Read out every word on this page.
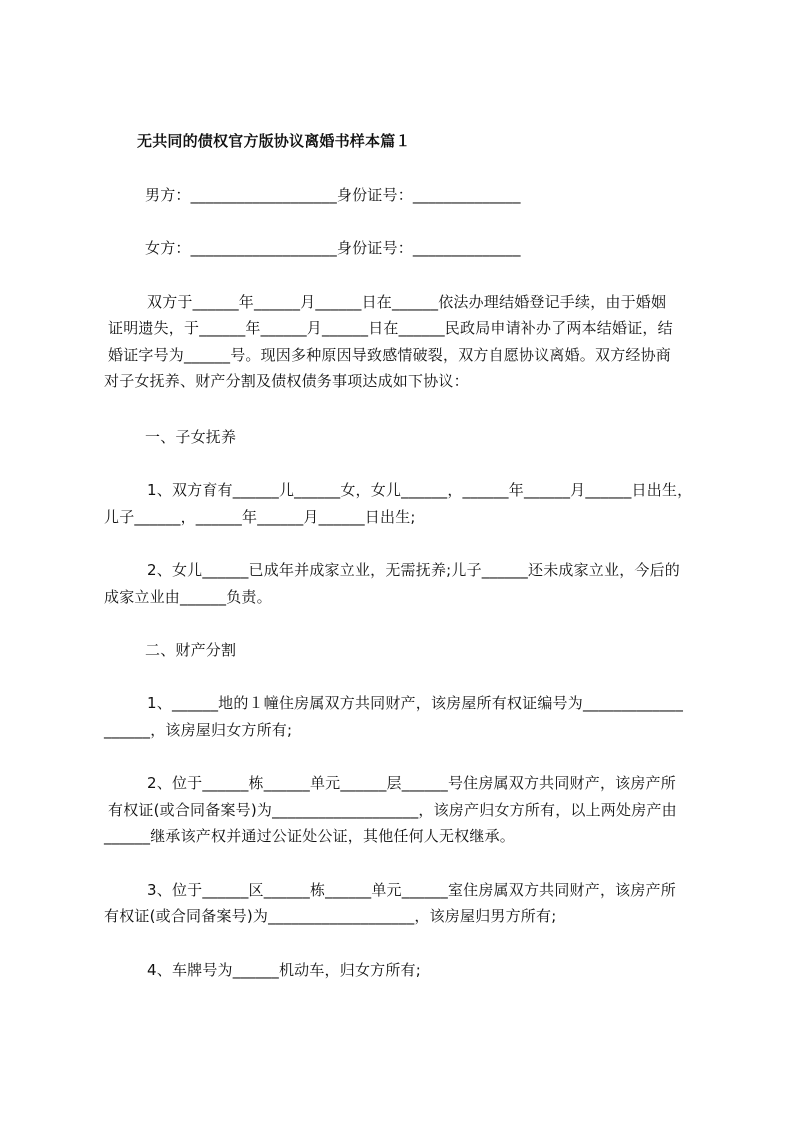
无共同的债权官方版协议离婚书样本篇１
男方：___________________身份证号：______________
女方：___________________身份证号：______________
双方于______年______月______日在______依法办理结婚登记手续，由于婚姻
证明遗失，于______年______月______日在______民政局申请补办了两本结婚证，结
婚证字号为______号。现因多种原因导致感情破裂，双方自愿协议离婚。双方经协商
对子女抚养、财产分割及债权债务事项达成如下协议：
一、子女抚养
1、双方育有______儿______女，女儿______，______年______月______日出生，
儿子______，______年______月______日出生;
2、女儿______已成年并成家立业，无需抚养;儿子______还未成家立业，今后的
成家立业由______负责。
二、财产分割
1、______地的１幢住房属双方共同财产，该房屋所有权证编号为_____________
______，该房屋归女方所有;
2、位于______栋______单元______层______号住房属双方共同财产，该房产所
有权证(或合同备案号)为___________________，该房产归女方所有，以上两处房产由
______继承该产权并通过公证处公证，其他任何人无权继承。
3、位于______区______栋______单元______室住房属双方共同财产，该房产所
有权证(或合同备案号)为___________________，该房屋归男方所有;
4、车牌号为______机动车，归女方所有;
